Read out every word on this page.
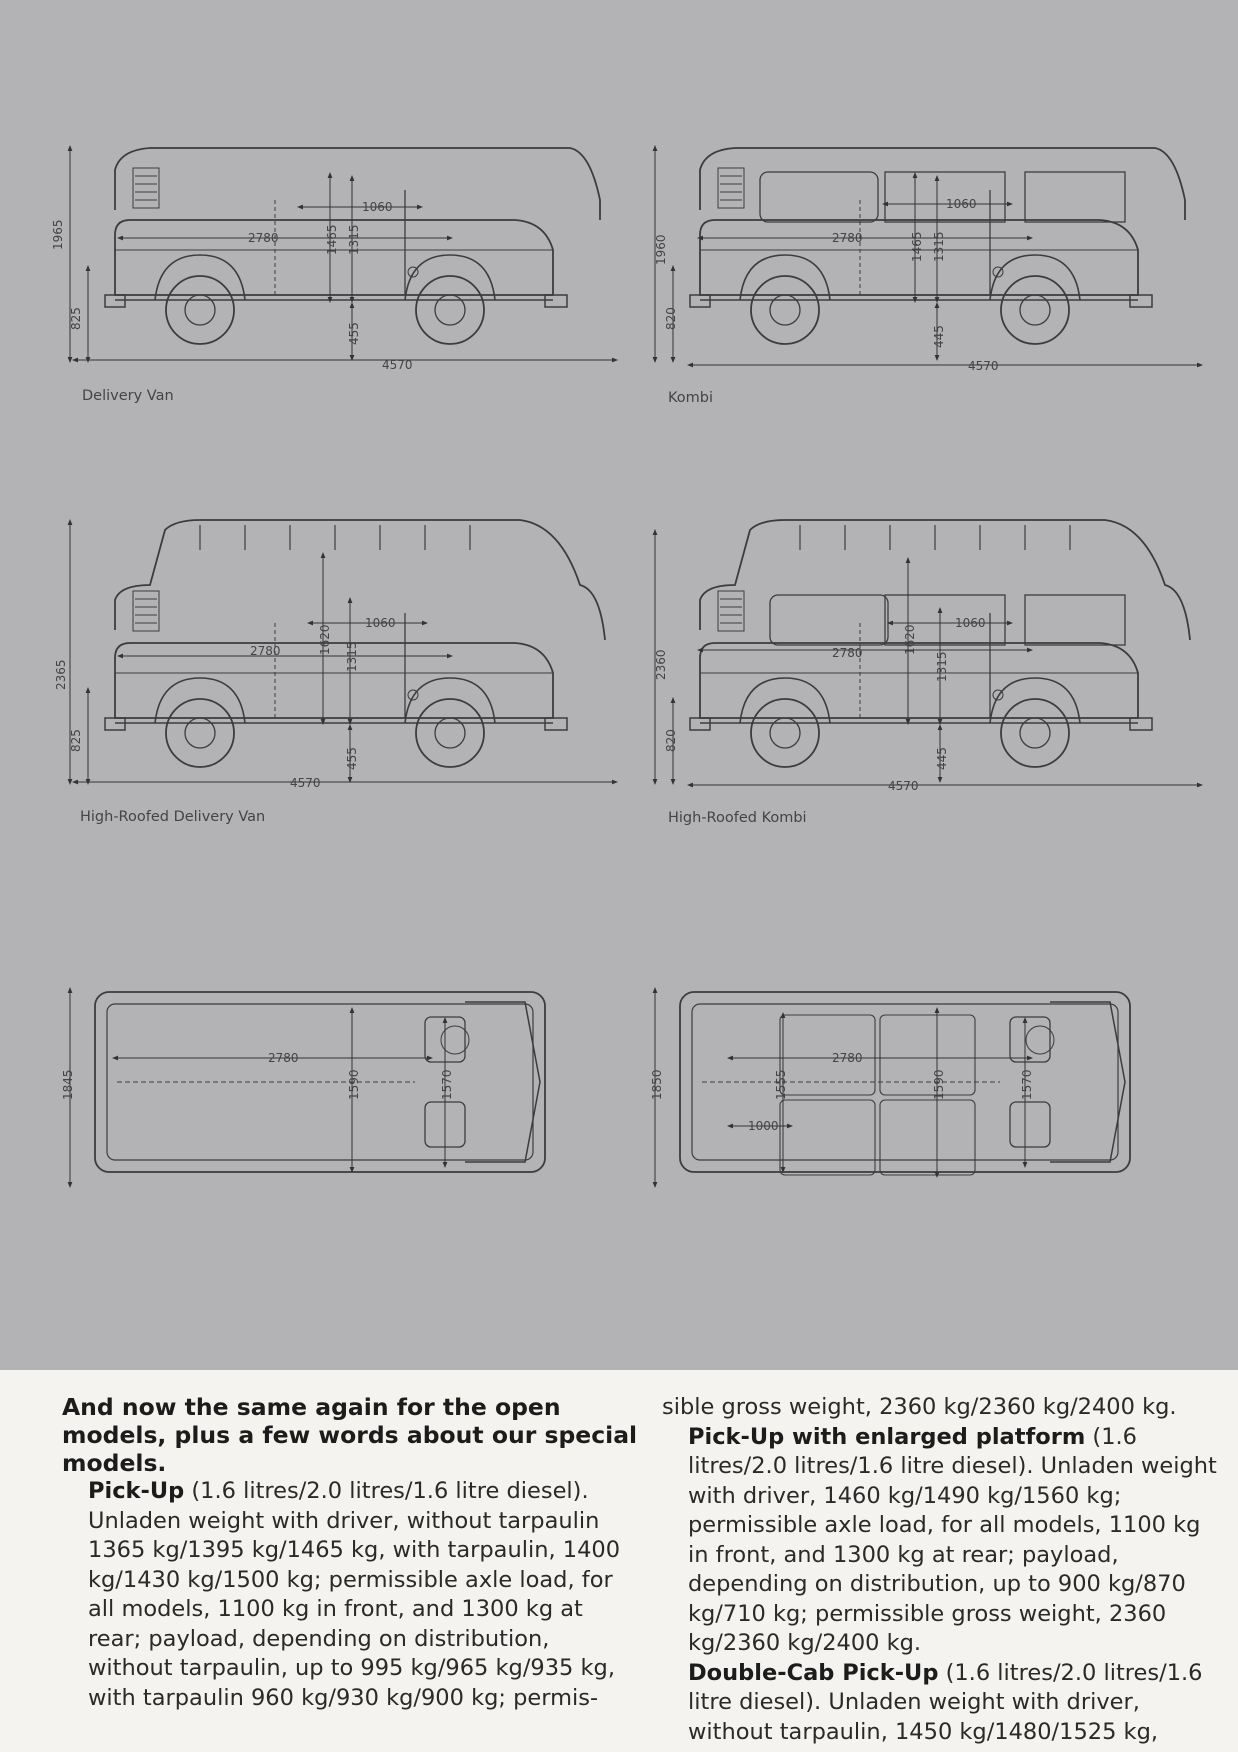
1965
825
4570
2780
1060
1465 1315
455
Delivery Van
1960
820
4570
2780
1060
1465 1315
445
Kombi
2365
825
4570
2780
1060
1620
1315
455
High-Roofed Delivery Van
2360
820
4570
2780
1060
1620
1315
445
High-Roofed Kombi
1845
2780
1590	1570	1850
2780
1555
1000
1590	1570
And now the same again for the open models, plus a few words about our special models.
Pick-Up (1.6 litres/2.0 litres/1.6 litre diesel). Unladen weight with driver, without tarpaulin 1365 kg/1395 kg/1465 kg, with tarpaulin, 1400 kg/1430 kg/1500 kg; permissible axle load, for all models, 1100 kg in front, and 1300 kg at rear; payload, depending on distribution, without tarpaulin, up to 995 kg/965 kg/935 kg, with tarpaulin 960 kg/930 kg/900 kg; permis-
sible gross weight, 2360 kg/2360 kg/2400 kg.
Pick-Up with enlarged platform (1.6 litres/2.0 litres/1.6 litre diesel). Unladen weight with driver, 1460 kg/1490 kg/1560 kg; permissible axle load, for all models, 1100 kg in front, and 1300 kg at rear; payload, depending on distribution, up to 900 kg/870 kg/710 kg; permissible gross weight, 2360 kg/2360 kg/2400 kg.
Double-Cab Pick-Up (1.6 litres/2.0 litres/1.6 litre diesel). Unladen weight with driver, without tarpaulin, 1450 kg/1480/1525 kg,
